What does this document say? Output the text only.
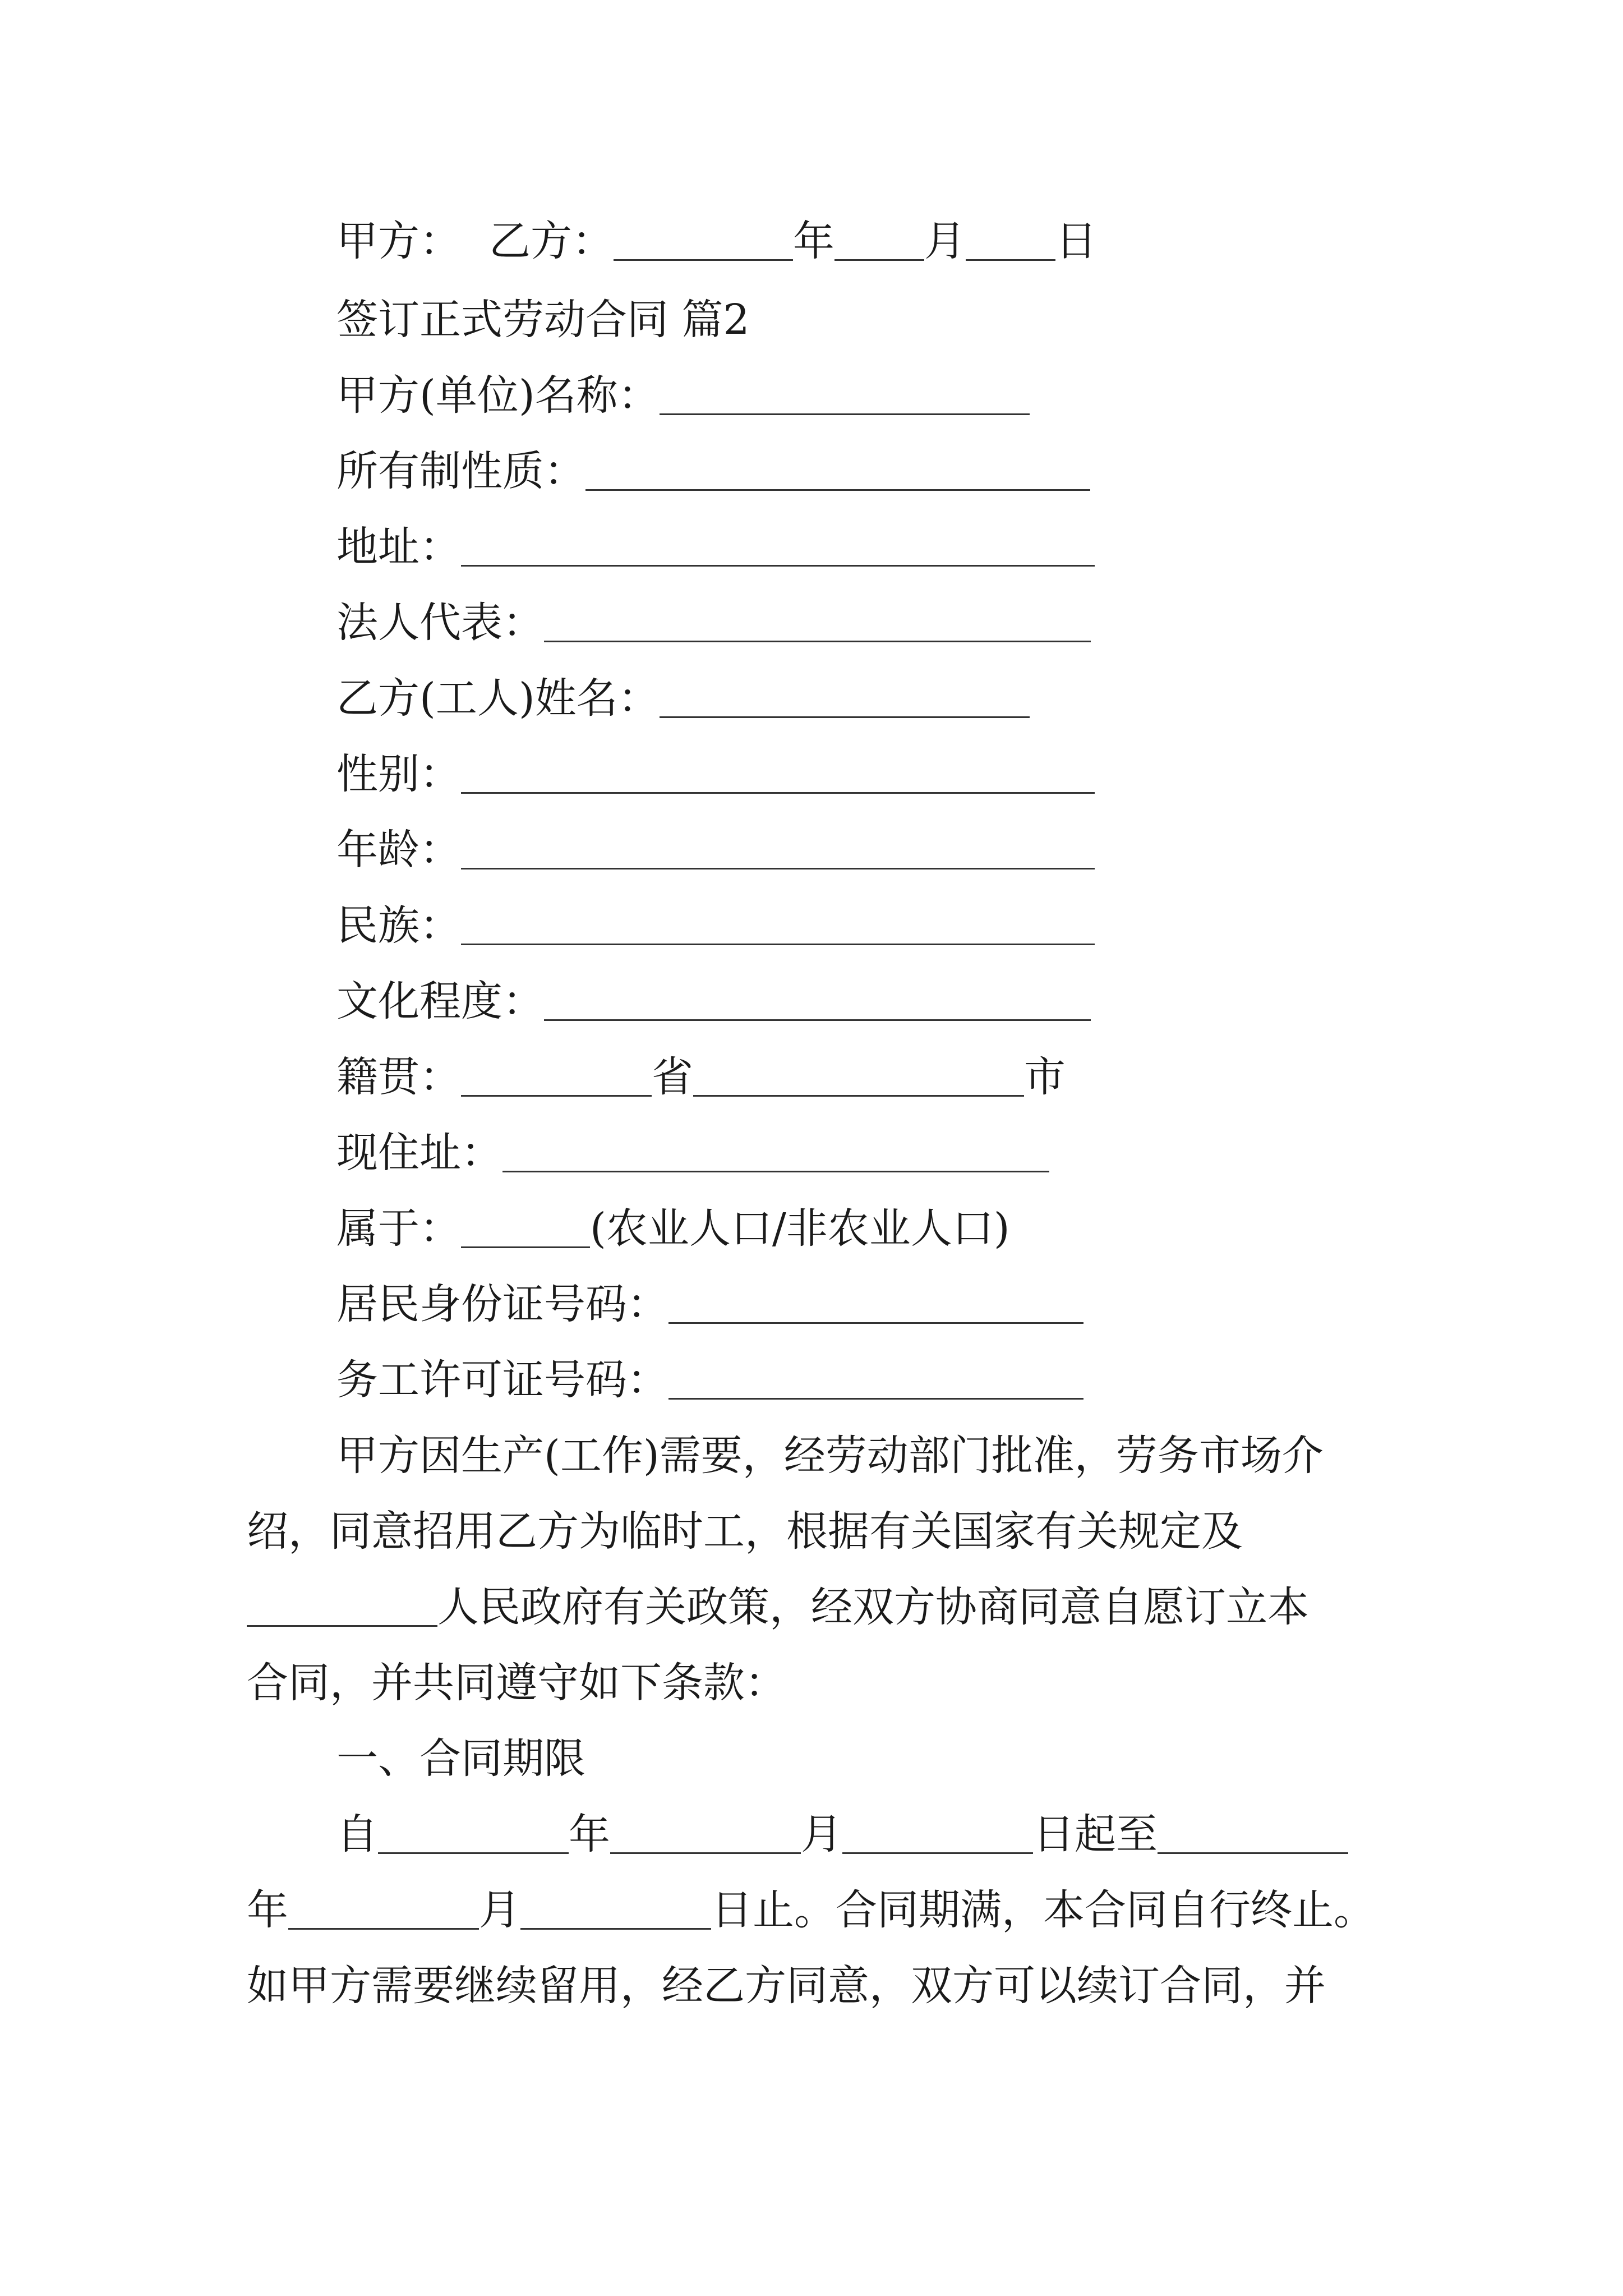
甲方： 乙方：	年 月 日
签订正式劳动合同 篇2
甲方(单位)名称：
所有制性质：
地址：
法人代表：
乙方(工人)姓名：
性别：
年龄：
民族：
文化程度：
籍贯：	省	市
现住址：
属于：	(农业人口/非农业人口)
居民身份证号码：
务工许可证号码：
甲方因生产(工作)需要，经劳动部门批准，劳务市场介
绍，同意招用乙方为临时工，根据有关国家有关规定及
人民政府有关政策，经双方协商同意自愿订立本
合同，并共同遵守如下条款：
一、合同期限
自	年	月	日起至
年	月	日止。合同期满，本合同自行终止。
如甲方需要继续留用，经乙方同意，双方可以续订合同，并
